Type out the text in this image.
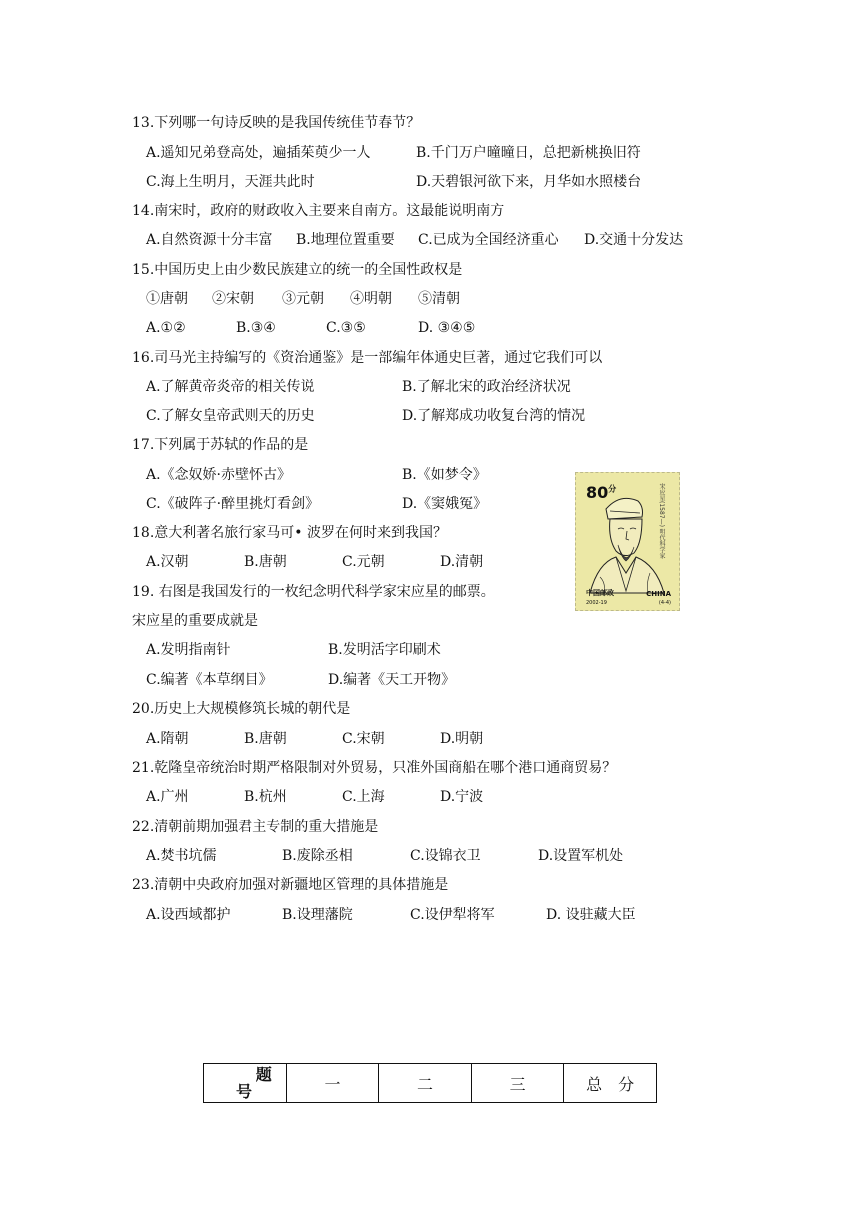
13.下列哪一句诗反映的是我国传统佳节春节？
A.遥知兄弟登高处，遍插茱萸少一人	B.千门万户曈曈日，总把新桃换旧符
C.海上生明月，天涯共此时	D.天碧银河欲下来，月华如水照楼台
14.南宋时，政府的财政收入主要来自南方。这最能说明南方
A.自然资源十分丰富 B.地理位置重要 C.已成为全国经济重心 D.交通十分发达
15.中国历史上由少数民族建立的统一的全国性政权是
①唐朝 ②宋朝 ③元朝 ④明朝 ⑤清朝
A.①②	B.③④	C.③⑤	D. ③④⑤
16.司马光主持编写的《资治通鉴》是一部编年体通史巨著，通过它我们可以
A.了解黄帝炎帝的相关传说	B.了解北宋的政治经济状况
C.了解女皇帝武则天的历史	D.了解郑成功收复台湾的情况
17.下列属于苏轼的作品的是
A.《念奴娇·赤壁怀古》	B.《如梦令》
C.《破阵子·醉里挑灯看剑》	D.《窦娥冤》
18.意大利著名旅行家马可• 波罗在何时来到我国？
A.汉朝	B.唐朝	C.元朝	D.清朝
19. 右图是我国发行的一枚纪念明代科学家宋应星的邮票。
宋应星的重要成就是
A.发明指南针	B.发明活字印刷术
C.编著《本草纲目》	D.编著《天工开物》
20.历史上大规模修筑长城的朝代是
A.隋朝	B.唐朝	C.宋朝	D.明朝
21.乾隆皇帝统治时期严格限制对外贸易，只准外国商船在哪个港口通商贸易？
A.广州	B.杭州	C.上海	D.宁波
22.清朝前期加强君主专制的重大措施是
A.焚书坑儒	B.废除丞相	C.设锦衣卫	D.设置军机处
23.清朝中央政府加强对新疆地区管理的具体措施是
A.设西域都护	B.设理藩院	C.设伊犁将军	D. 设驻藏大臣
$80^分$	宋应星(1587—) 明代科学家
中国邮政	CHINA
2002-19	(4-4)
题
号	一	二	三	总　分
